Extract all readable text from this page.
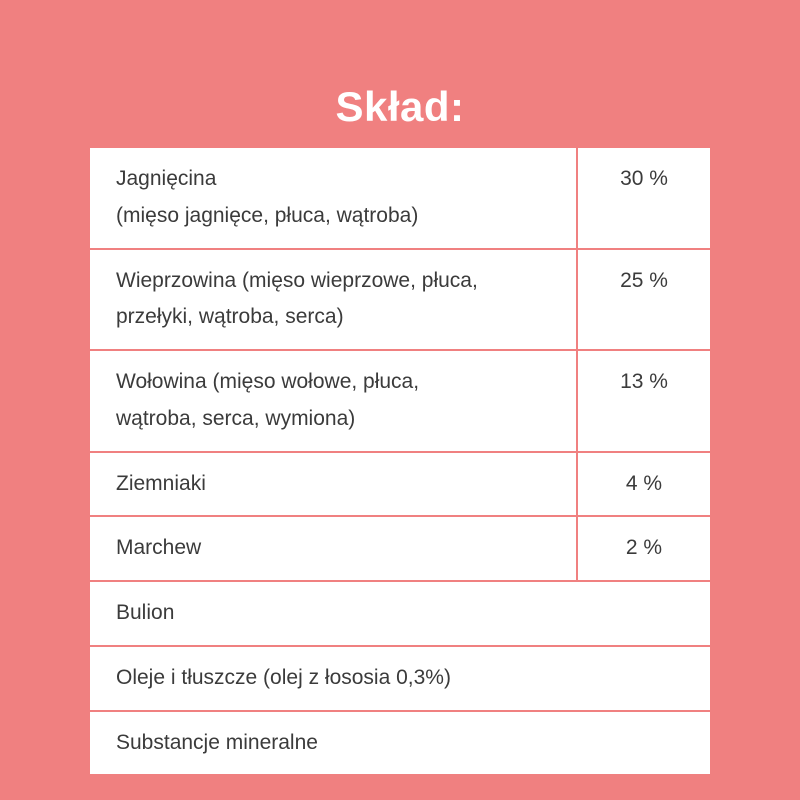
Skład:
Jagnięcina
(mięso jagnięce, płuca, wątroba)
30 %
Wieprzowina (mięso wieprzowe, płuca,
przełyki, wątroba, serca)
25 %
Wołowina (mięso wołowe, płuca,
wątroba, serca, wymiona)
13 %
Ziemniaki	4 %
Marchew	2 %
Bulion
Oleje i tłuszcze (olej z łososia 0,3%)
Substancje mineralne
